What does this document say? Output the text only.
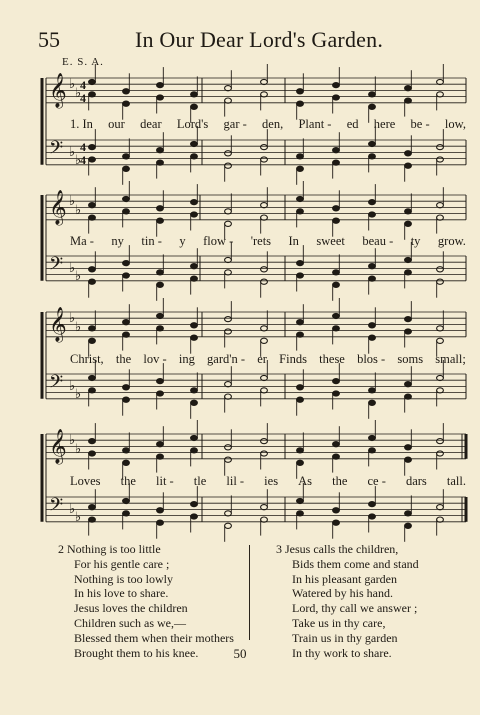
55	In Our Dear Lord's Garden.
E. S. A.
𝄞 ♭
♭
𝄢 ♭
♭
4
4
4
4
𝄞 ♭
♭
𝄢 ♭
♭
𝄞 ♭
♭
𝄢 ♭
♭
𝄞 ♭
♭
𝄢 ♭
♭
1. In our dear Lord's gar - den, Plant - ed here be - low,
Ma - ny tin - y flow - 'rets In sweet beau - ty grow.
Christ, the lov - ing gard'n - er Finds these blos - soms small;
Loves the lit - tle lil - ies As the ce - dars tall.
2 Nothing is too little
For his gentle care ;
Nothing is too lowly
In his love to share.
Jesus loves the children
Children such as we,—
Blessed them when their mothers
Brought them to his knee.
3 Jesus calls the children,
Bids them come and stand
In his pleasant garden
Watered by his hand.
Lord, thy call we answer ;
Take us in thy care,
Train us in thy garden
In thy work to share.
50
